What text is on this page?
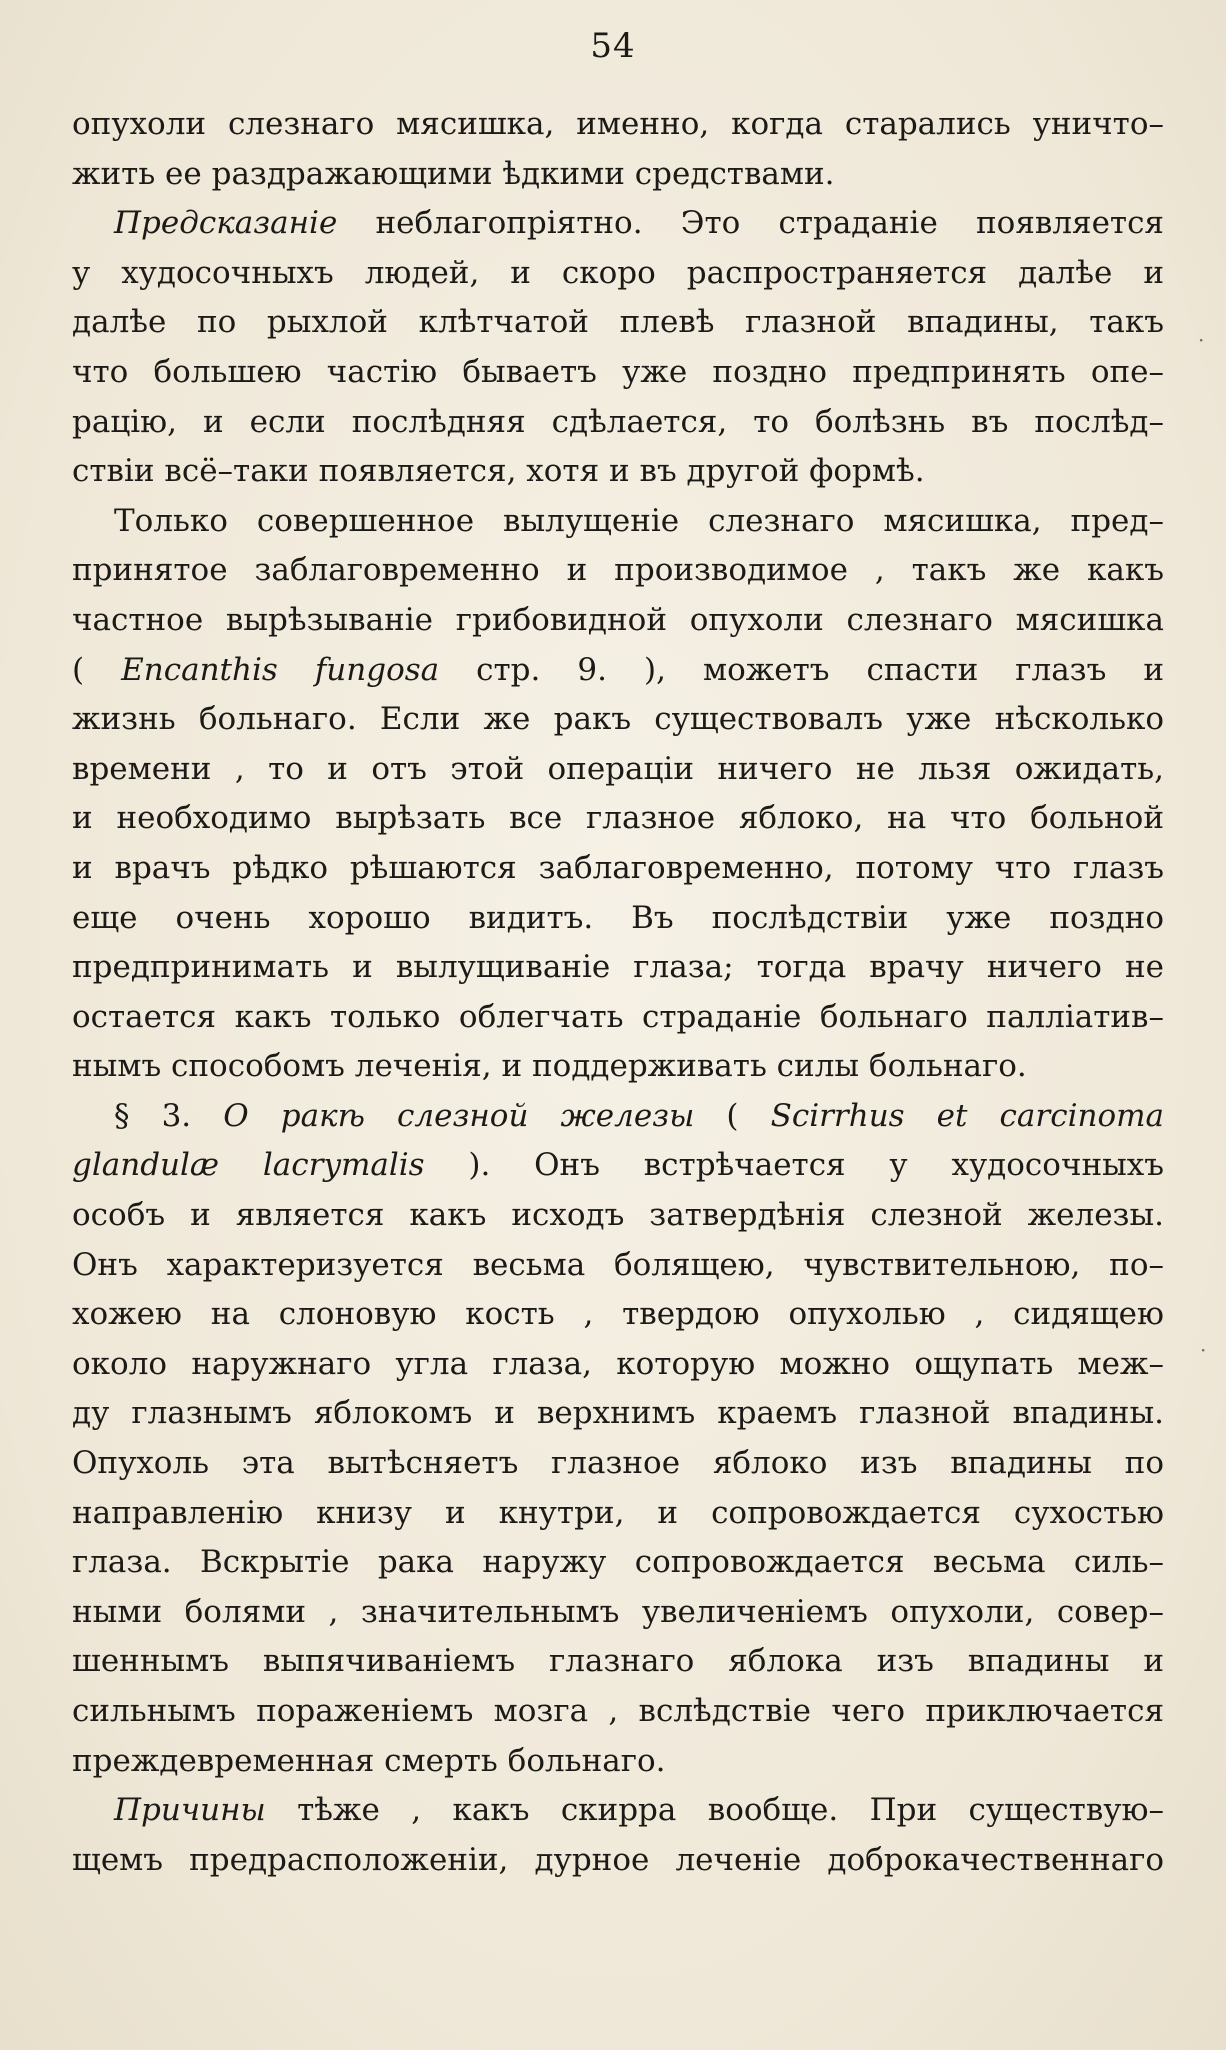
54
·
·
опухоли слезнаго мясишка, именно, когда старались уничто–
жить ее раздражающими ѣдкими средствами.
Предсказаніе неблагопріятно. Это страданіе появляется
у худосочныхъ людей, и скоро распространяется далѣе и
далѣе по рыхлой клѣтчатой плевѣ глазной впадины, такъ
что большею частію бываетъ уже поздно предпринять опе–
рацію, и если послѣдняя сдѣлается, то болѣзнь въ послѣд–
ствіи всё–таки появляется, хотя и въ другой формѣ.
Только совершенное вылущеніе слезнаго мясишка, пред–
принятое заблаговременно и производимое , такъ же какъ
частное вырѣзываніе грибовидной опухоли слезнаго мясишка
( Encanthis fungosa стр. 9. ), можетъ спасти глазъ и
жизнь больнаго. Если же ракъ существовалъ уже нѣсколько
времени , то и отъ этой операціи ничего не льзя ожидать,
и необходимо вырѣзать все глазное яблоко, на что больной
и врачъ рѣдко рѣшаются заблаговременно, потому что глазъ
еще очень хорошо видитъ. Въ послѣдствіи уже поздно
предпринимать и вылущиваніе глаза; тогда врачу ничего не
остается какъ только облегчать страданіе больнаго палліатив–
нымъ способомъ леченія, и поддерживать силы больнаго.
§ 3. О ракѣ слезной железы ( Scirrhus et carcinoma
glandulæ lacrymalis ). Онъ встрѣчается у худосочныхъ
особъ и является какъ исходъ затвердѣнія слезной железы.
Онъ характеризуется весьма болящею, чувствительною, по–
хожею на слоновую кость , твердою опухолью , сидящею
около наружнаго угла глаза, которую можно ощупать меж–
ду глазнымъ яблокомъ и верхнимъ краемъ глазной впадины.
Опухоль эта вытѣсняетъ глазное яблоко изъ впадины по
направленію книзу и кнутри, и сопровождается сухостью
глаза. Вскрытіе рака наружу сопровождается весьма силь–
ными болями , значительнымъ увеличеніемъ опухоли, совер–
шеннымъ выпячиваніемъ глазнаго яблока изъ впадины и
сильнымъ пораженіемъ мозга , вслѣдствіе чего приключается
преждевременная смерть больнаго.
Причины тѣже , какъ скирра вообще. При существую–
щемъ предрасположеніи, дурное леченіе доброкачественнаго
